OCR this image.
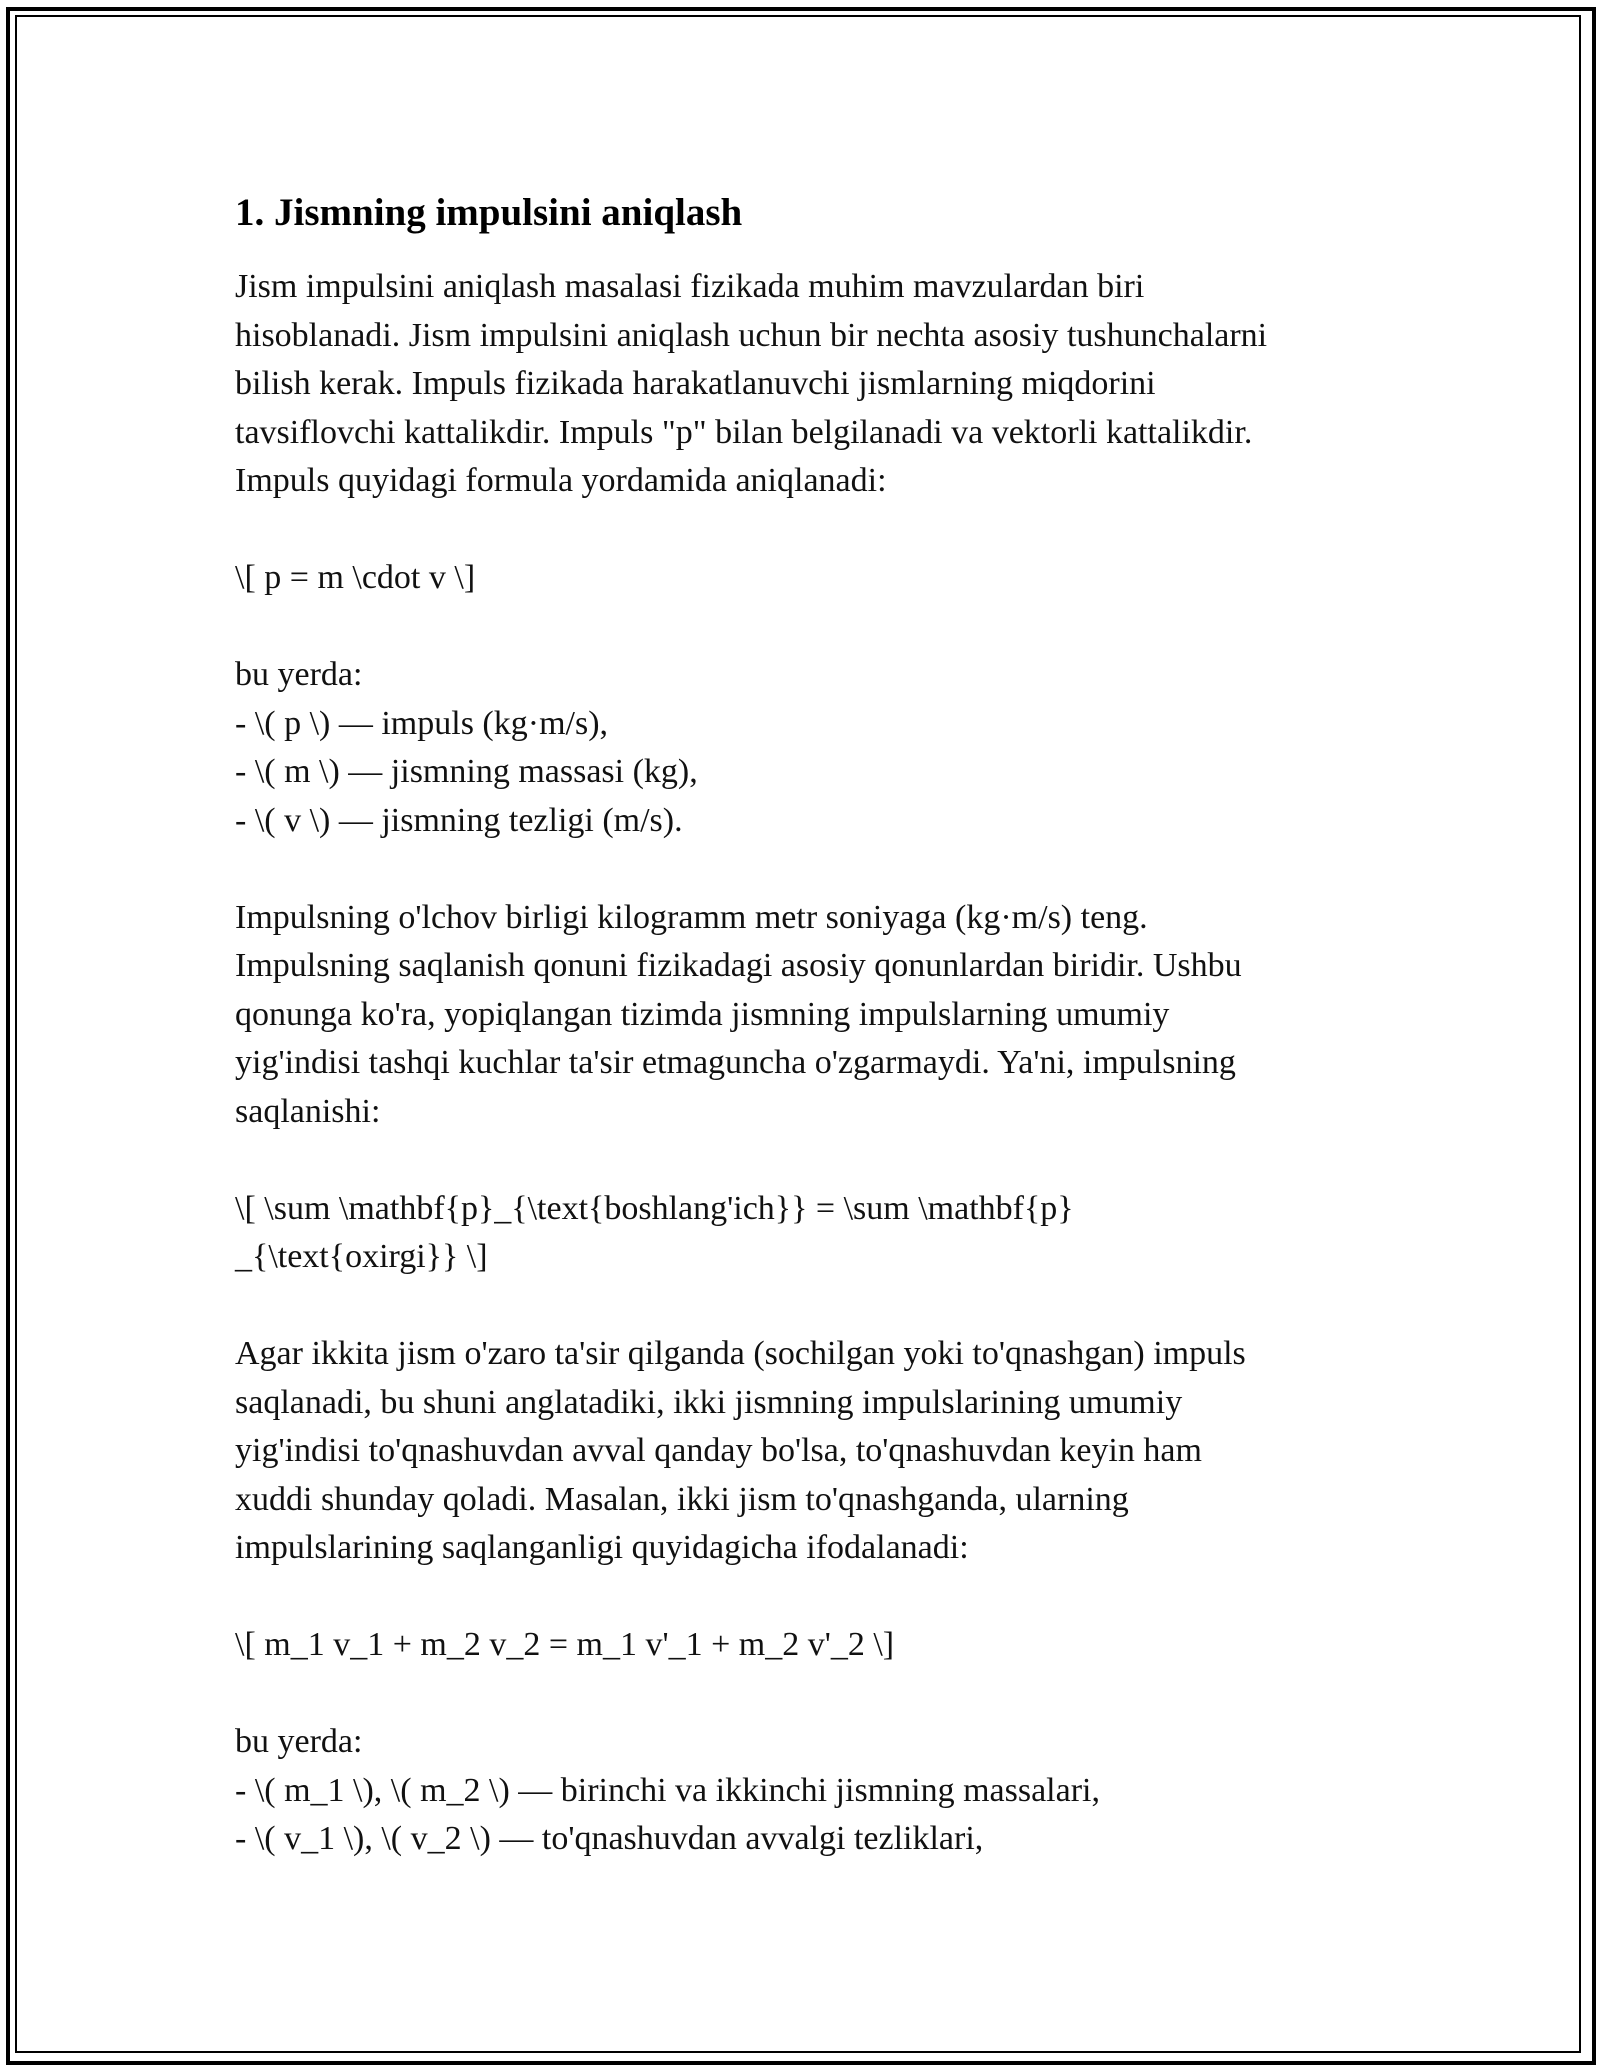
1. Jismning impulsini aniqlash
Jism impulsini aniqlash masalasi fizikada muhim mavzulardan biri
hisoblanadi. Jism impulsini aniqlash uchun bir nechta asosiy tushunchalarni
bilish kerak. Impuls fizikada harakatlanuvchi jismlarning miqdorini
tavsiflovchi kattalikdir. Impuls "p" bilan belgilanadi va vektorli kattalikdir.
Impuls quyidagi formula yordamida aniqlanadi:
\[ p = m \cdot v \]
bu yerda:
- \( p \) — impuls (kg·m/s),
- \( m \) — jismning massasi (kg),
- \( v \) — jismning tezligi (m/s).
Impulsning o'lchov birligi kilogramm metr soniyaga (kg·m/s) teng.
Impulsning saqlanish qonuni fizikadagi asosiy qonunlardan biridir. Ushbu
qonunga ko'ra, yopiqlangan tizimda jismning impulslarning umumiy
yig'indisi tashqi kuchlar ta'sir etmaguncha o'zgarmaydi. Ya'ni, impulsning
saqlanishi:
\[ \sum \mathbf{p}_{\text{boshlang'ich}} = \sum \mathbf{p}
_{\text{oxirgi}} \]
Agar ikkita jism o'zaro ta'sir qilganda (sochilgan yoki to'qnashgan) impuls
saqlanadi, bu shuni anglatadiki, ikki jismning impulslarining umumiy
yig'indisi to'qnashuvdan avval qanday bo'lsa, to'qnashuvdan keyin ham
xuddi shunday qoladi. Masalan, ikki jism to'qnashganda, ularning
impulslarining saqlanganligi quyidagicha ifodalanadi:
\[ m_1 v_1 + m_2 v_2 = m_1 v'_1 + m_2 v'_2 \]
bu yerda:
- \( m_1 \), \( m_2 \) — birinchi va ikkinchi jismning massalari,
- \( v_1 \), \( v_2 \) — to'qnashuvdan avvalgi tezliklari,
